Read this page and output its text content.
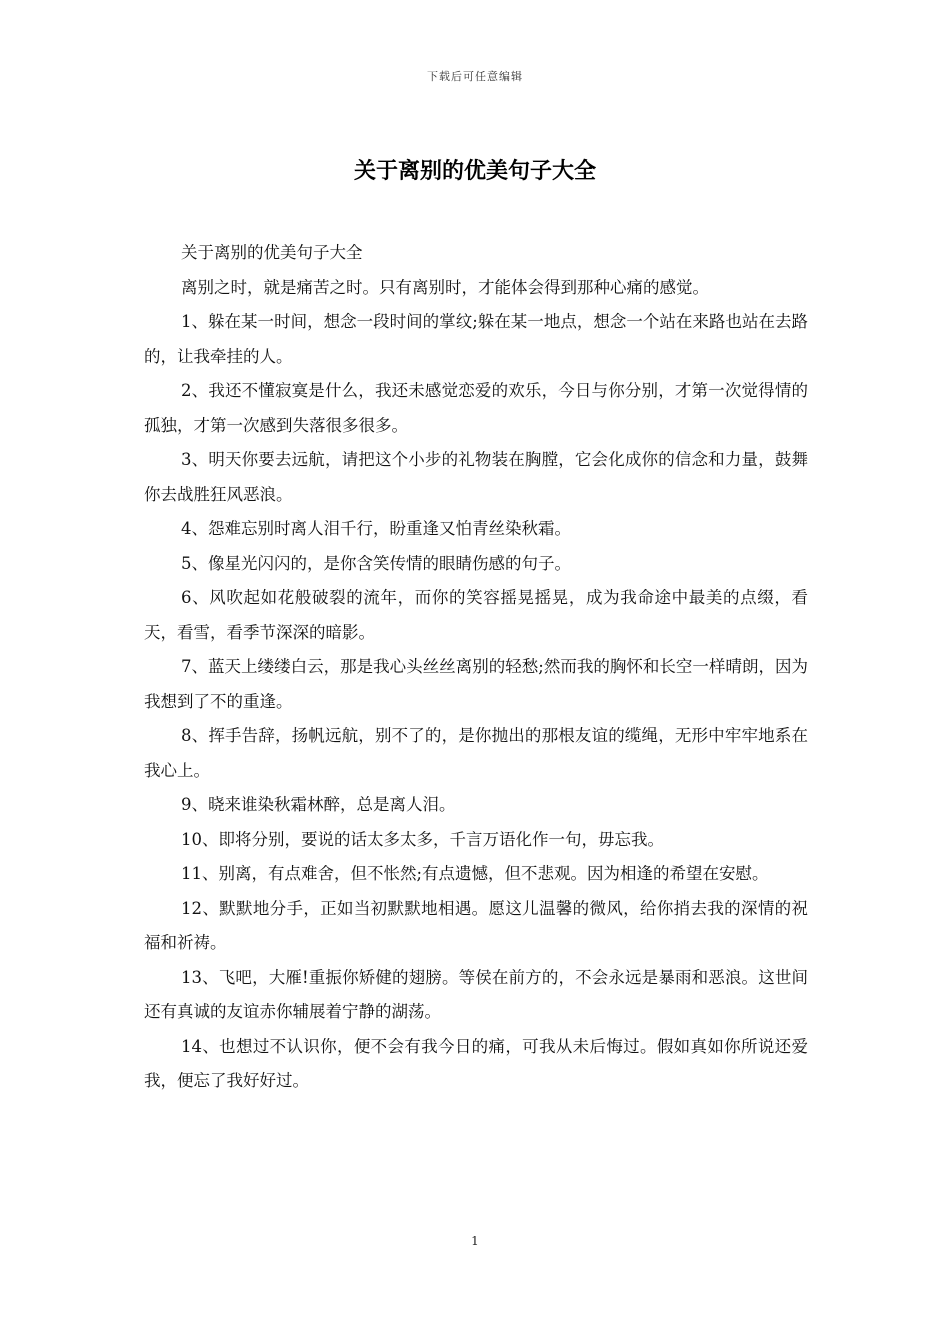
下载后可任意编辑
关于离别的优美句子大全

关于离别的优美句子大全

离别之时，就是痛苦之时。只有离别时，才能体会得到那种心痛的感觉。

1、躲在某一时间，想念一段时间的掌纹;躲在某一地点，想念一个站在来路也站在去路的，让我牵挂的人。

2、我还不懂寂寞是什么，我还未感觉恋爱的欢乐，今日与你分别，才第一次觉得情的孤独，才第一次感到失落很多很多。

3、明天你要去远航，请把这个小步的礼物装在胸膛，它会化成你的信念和力量，鼓舞你去战胜狂风恶浪。

4、怨难忘别时离人泪千行，盼重逢又怕青丝染秋霜。

5、像星光闪闪的，是你含笑传情的眼睛伤感的句子。

6、风吹起如花般破裂的流年，而你的笑容摇晃摇晃，成为我命途中最美的点缀，看天，看雪，看季节深深的暗影。

7、蓝天上缕缕白云，那是我心头丝丝离别的轻愁;然而我的胸怀和长空一样晴朗，因为我想到了不的重逢。

8、挥手告辞，扬帆远航，别不了的，是你抛出的那根友谊的缆绳，无形中牢牢地系在我心上。

9、晓来谁染秋霜林醉，总是离人泪。

10、即将分别，要说的话太多太多，千言万语化作一句，毋忘我。

11、别离，有点难舍，但不怅然;有点遗憾，但不悲观。因为相逢的希望在安慰。

12、默默地分手，正如当初默默地相遇。愿这儿温馨的微风，给你捎去我的深情的祝福和祈祷。

13、飞吧，大雁!重振你矫健的翅膀。等侯在前方的，不会永远是暴雨和恶浪。这世间还有真诚的友谊赤你辅展着宁静的湖荡。

14、也想过不认识你，便不会有我今日的痛，可我从未后悔过。假如真如你所说还爱我，便忘了我好好过。

1
